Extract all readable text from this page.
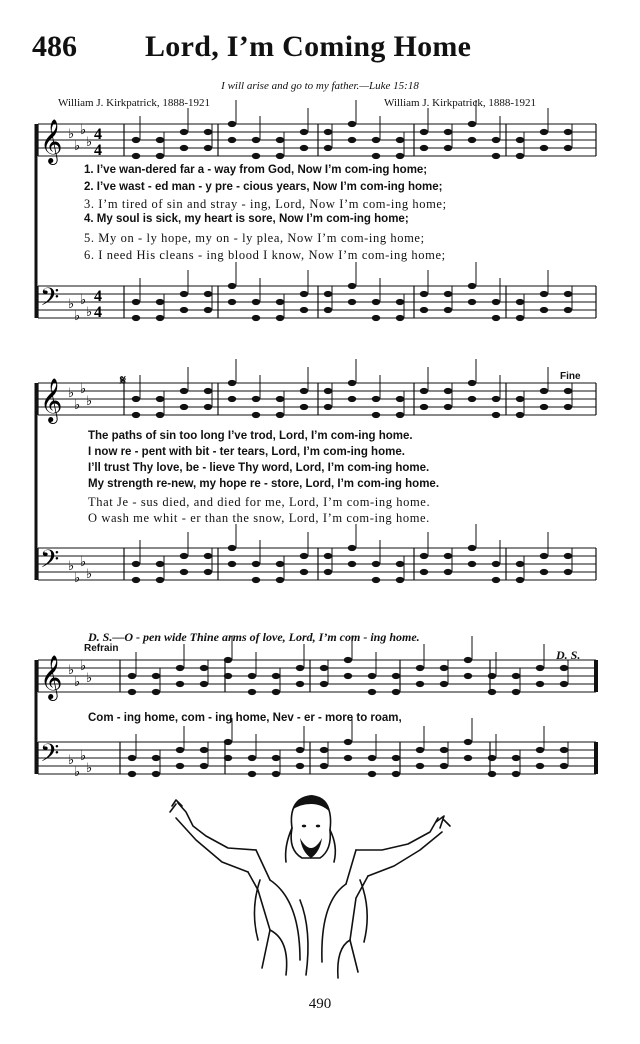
486 Lord, I’m Coming Home
I will arise and go to my father.—Luke 15:18
William J. Kirkpatrick, 1888-1921	William J. Kirkpatrick, 1888-1921
𝄞 ♭
♭
♭
♭
𝄢 ♭
♭
♭
♭
𝄞 ♭
♭
♭
♭
𝄢 ♭
♭
♭
♭
𝄞 ♭
♭
♭
♭
𝄢 ♭
♭
♭
♭
4
4
4
4
1. I’ve wan-dered far a - way from God, Now I’m com-ing home;
2. I’ve wast - ed man - y pre - cious years, Now I’m com-ing home;
3. I’m tired of sin and stray - ing, Lord, Now I’m com-ing home;
4. My soul is sick, my heart is sore, Now I’m com-ing home;
5. My on - ly hope, my on - ly plea, Now I’m com-ing home;
6. I need His cleans - ing blood I know, Now I’m com-ing home;
𝄋	Fine
The paths of sin too long I’ve trod, Lord, I’m com-ing home.
I now re - pent with bit - ter tears, Lord, I’m com-ing home.
I’ll trust Thy love, be - lieve Thy word, Lord, I’m com-ing home.
My strength re-new, my hope re - store, Lord, I’m com-ing home.
That Je - sus died, and died for me, Lord, I’m com-ing home.
O wash me whit - er than the snow, Lord, I’m com-ing home.
D. S.—O - pen wide Thine arms of love, Lord, I’m com - ing home.
Refrain	D. S.
Com - ing home, com - ing home, Nev - er - more to roam,
490
